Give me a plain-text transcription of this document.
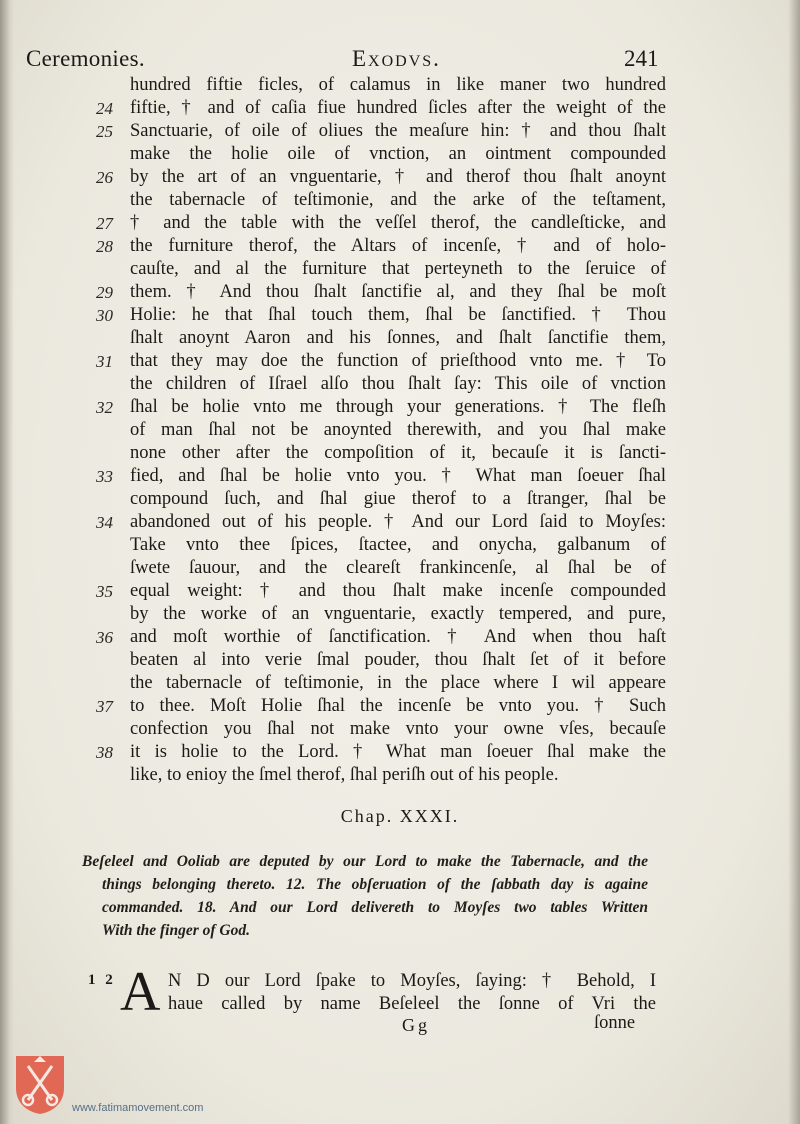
Ceremonies.	Exodvs.	241
hundred fiftie ficles, of calamus in like maner two hundred
24 fiftie, † and of caſia fiue hundred ſicles after the weight of the
25 Sanctuarie, of oile of oliues the meaſure hin: † and thou ſhalt
make the holie oile of vnction, an ointment compounded
26 by the art of an vnguentarie, † and therof thou ſhalt anoynt
the tabernacle of teſtimonie, and the arke of the teſtament,
27 † and the table with the veſſel therof, the candleſticke, and
28 the furniture therof, the Altars of incenſe, † and of holo-
cauſte, and al the furniture that perteyneth to the ſeruice of
29 them. † And thou ſhalt ſanctifie al, and they ſhal be moſt
30 Holie: he that ſhal touch them, ſhal be ſanctified. † Thou
ſhalt anoynt Aaron and his ſonnes, and ſhalt ſanctifie them,
31 that they may doe the function of prieſthood vnto me. † To
the children of Iſrael alſo thou ſhalt ſay: This oile of vnction
32 ſhal be holie vnto me through your generations. † The fleſh
of man ſhal not be anoynted therewith, and you ſhal make
none other after the compoſition of it, becauſe it is ſancti-
33 fied, and ſhal be holie vnto you. † What man ſoeuer ſhal
compound ſuch, and ſhal giue therof to a ſtranger, ſhal be
34 abandoned out of his people. † And our Lord ſaid to Moyſes:
Take vnto thee ſpices, ſtactee, and onycha, galbanum of
ſwete ſauour, and the cleareſt frankincenſe, al ſhal be of
35 equal weight: † and thou ſhalt make incenſe compounded
by the worke of an vnguentarie, exactly tempered, and pure,
36 and moſt worthie of ſanctification. † And when thou haſt
beaten al into verie ſmal pouder, thou ſhalt ſet of it before
the tabernacle of teſtimonie, in the place where I wil appeare
37 to thee. Moſt Holie ſhal the incenſe be vnto you. † Such
confection you ſhal not make vnto your owne vſes, becauſe
38 it is holie to the Lord. † What man ſoeuer ſhal make the
like, to enioy the ſmel therof, ſhal periſh out of his people.
Chap. XXXI.
Beſeleel and Ooliab are deputed by our Lord to make the Tabernacle, and the
things belonging thereto. 12. The obſeruation of the ſabbath day is againe
commanded. 18. And our Lord delivereth to Moyſes two tables Written
With the finger of God.
1 2 A N D our Lord ſpake to Moyſes, ſaying: † Behold, I
haue called by name Beſeleel the ſonne of Vri the
Gg	ſonne
www.fatimamovement.com
